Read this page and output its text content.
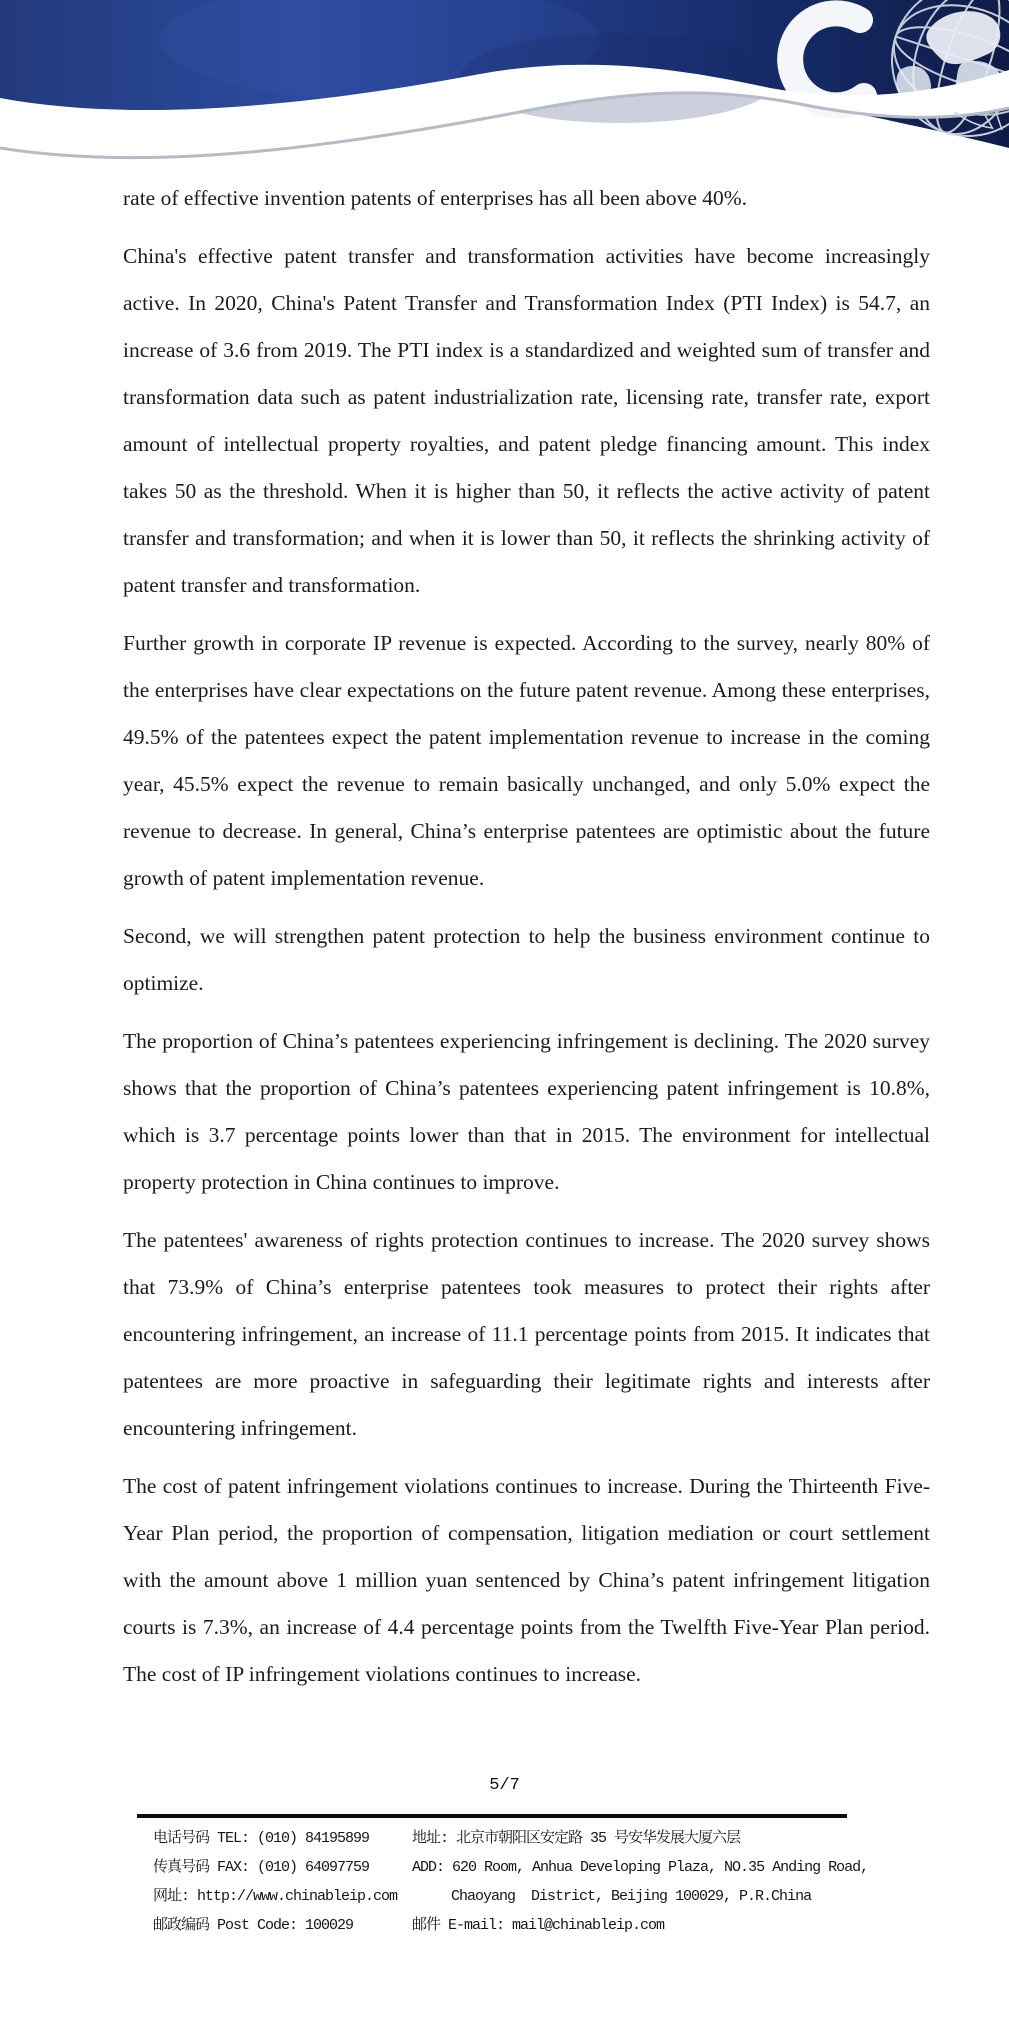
rate of effective invention patents of enterprises has all been above 40%.

China's effective patent transfer and transformation activities have become increasingly active. In 2020, China's Patent Transfer and Transformation Index (PTI Index) is 54.7, an increase of 3.6 from 2019. The PTI index is a standardized and weighted sum of transfer and transformation data such as patent industrialization rate, licensing rate, transfer rate, export amount of intellectual property royalties, and patent pledge financing amount. This index takes 50 as the threshold. When it is higher than 50, it reflects the active activity of patent transfer and transformation; and when it is lower than 50, it reflects the shrinking activity of patent transfer and transformation.

Further growth in corporate IP revenue is expected. According to the survey, nearly 80% of the enterprises have clear expectations on the future patent revenue. Among these enterprises, 49.5% of the patentees expect the patent implementation revenue to increase in the coming year, 45.5% expect the revenue to remain basically unchanged, and only 5.0% expect the revenue to decrease. In general, China’s enterprise patentees are optimistic about the future growth of patent implementation revenue.

Second, we will strengthen patent protection to help the business environment continue to optimize.

The proportion of China’s patentees experiencing infringement is declining. The 2020 survey shows that the proportion of China’s patentees experiencing patent infringement is 10.8%, which is 3.7 percentage points lower than that in 2015. The environment for intellectual property protection in China continues to improve.

The patentees' awareness of rights protection continues to increase. The 2020 survey shows that 73.9% of China’s enterprise patentees took measures to protect their rights after encountering infringement, an increase of 11.1 percentage points from 2015. It indicates that patentees are more proactive in safeguarding their legitimate rights and interests after encountering infringement.

The cost of patent infringement violations continues to increase. During the Thirteenth Five-Year Plan period, the proportion of compensation, litigation mediation or court settlement with the amount above 1 million yuan sentenced by China’s patent infringement litigation courts is 7.3%, an increase of 4.4 percentage points from the Twelfth Five-Year Plan period. The cost of IP infringement violations continues to increase.

5/7
电话号码 TEL: (010) 84195899
传真号码 FAX: (010) 64097759
网址: http://www.chinableip.com
邮政编码 Post Code: 100029
地址: 北京市朝阳区安定路 35 号安华发展大厦六层
ADD: 620 Room, Anhua Developing Plaza, NO.35 Anding Road,
Chaoyang  District, Beijing 100029, P.R.China
邮件 E-mail: mail@chinableip.com
